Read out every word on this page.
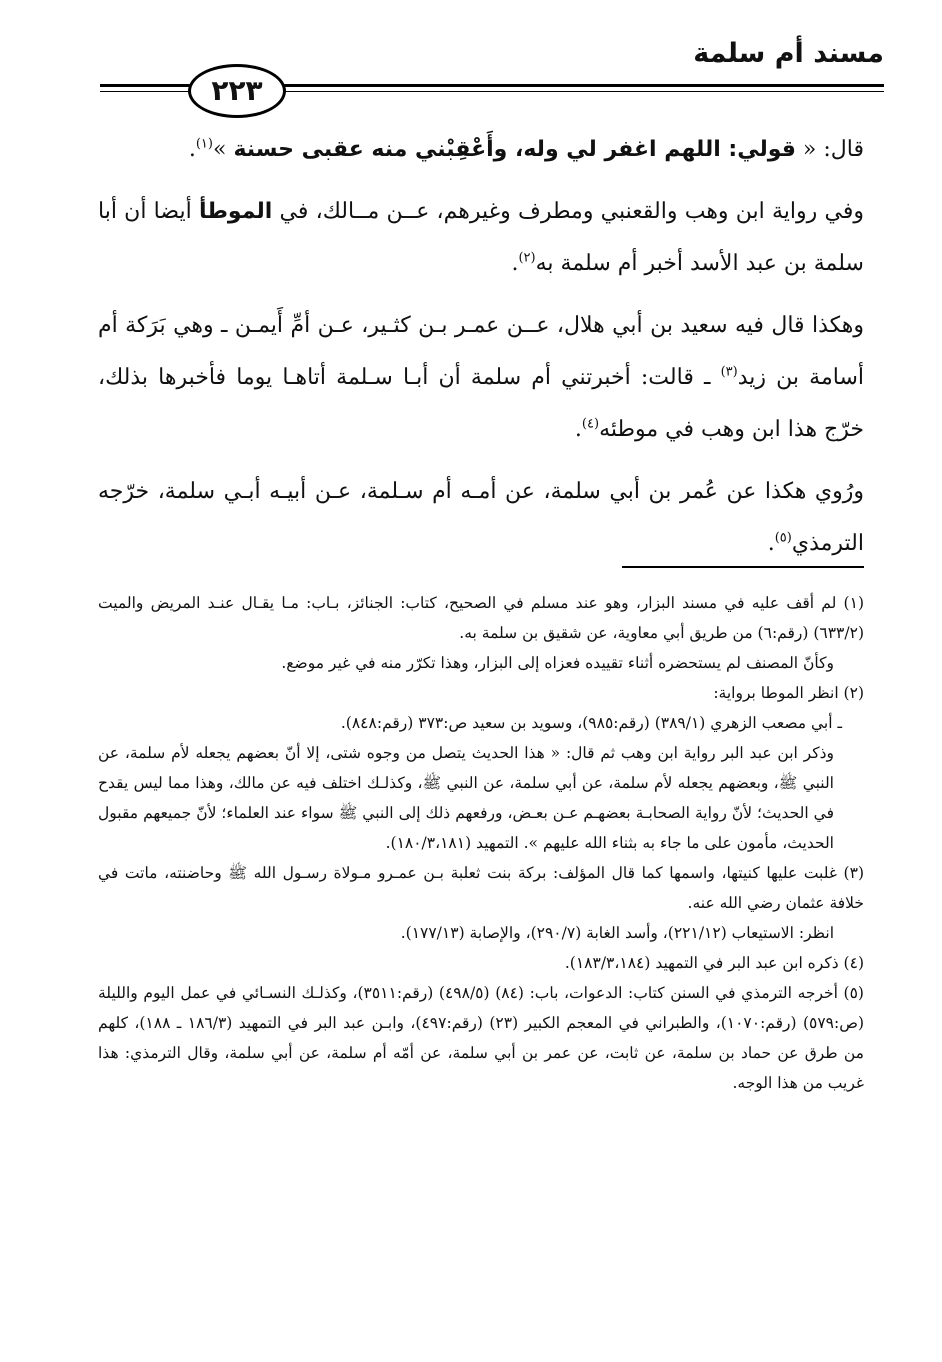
مسند أم سلمة
٢٢٣

قال: « قولي: اللهم اغفر لي وله، وأَعْقِبْني منه عقبى حسنة »$^{(١)}$.

وفي رواية ابن وهب والقعنبي ومطرف وغيرهم، عــن مــالك، في الموطأ أيضا أن أبا سلمة بن عبد الأسد أخبر أم سلمة به$^{(٢)}$.

وهكذا قال فيه سعيد بن أبي هلال، عــن عمـر بـن كثـير، عـن أمِّ أَيمـن ـ وهي بَرَكة أم أسامة بن زيد$^{(٣)}$ ـ قالت: أخبرتني أم سلمة أن أبـا سـلمة أتاهـا يوما فأخبرها بذلك، خرّج هذا ابن وهب في موطئه$^{(٤)}$.

ورُوي هكذا عن عُمر بن أبي سلمة، عن أمـه أم سـلمة، عـن أبيـه أبـي سلمة، خرّجه الترمذي$^{(٥)}$.

(١) لم أقف عليه في مسند البزار، وهو عند مسلم في الصحيح، كتاب: الجنائز، بـاب: مـا يقـال عنـد المريض والميت (٦٣٣/٢) (رقم:٦) من طريق أبي معاوية، عن شقيق بن سلمة به.

وكأنّ المصنف لم يستحضره أثناء تقييده فعزاه إلى البزار، وهذا تكرّر منه في غير موضع.

(٢) انظر الموطا برواية:

ـ أبي مصعب الزهري (٣٨٩/١) (رقم:٩٨٥)، وسويد بن سعيد ص:٣٧٣ (رقم:٨٤٨).

وذكر ابن عبد البر رواية ابن وهب ثم قال: « هذا الحديث يتصل من وجوه شتى، إلا أنّ بعضهم يجعله لأم سلمة، عن النبي ﷺ، وبعضهم يجعله لأم سلمة، عن أبي سلمة، عن النبي ﷺ، وكذلـك اختلف فيه عن مالك، وهذا مما ليس يقدح في الحديث؛ لأنّ رواية الصحابـة بعضهـم عـن بعـض، ورفعهم ذلك إلى النبي ﷺ سواء عند العلماء؛ لأنّ جميعهم مقبول الحديث، مأمون على ما جاء به بثناء الله عليهم ». التمهيد (١٨٠/٣،١٨١).

(٣) غلبت عليها كنيتها، واسمها كما قال المؤلف: بركة بنت ثعلبة بـن عمـرو مـولاة رسـول الله ﷺ وحاضنته، ماتت في خلافة عثمان رضي الله عنه.

انظر: الاستيعاب (٢٢١/١٢)، وأسد الغابة (٢٩٠/٧)، والإصابة (١٧٧/١٣).

(٤) ذكره ابن عبد البر في التمهيد (١٨٣/٣،١٨٤).

(٥) أخرجه الترمذي في السنن كتاب: الدعوات، باب: (٨٤) (٤٩٨/٥) (رقم:٣٥١١)، وكذلـك النسـائي في عمل اليوم والليلة (ص:٥٧٩) (رقم:١٠٧٠)، والطبراني في المعجم الكبير (٢٣) (رقم:٤٩٧)، وابـن عبد البر في التمهيد (١٨٦/٣ ـ ١٨٨)، كلهم من طرق عن حماد بن سلمة، عن ثابت، عن عمر بن أبي سلمة، عن أمّه أم سلمة، عن أبي سلمة، وقال الترمذي: هذا غريب من هذا الوجه.
